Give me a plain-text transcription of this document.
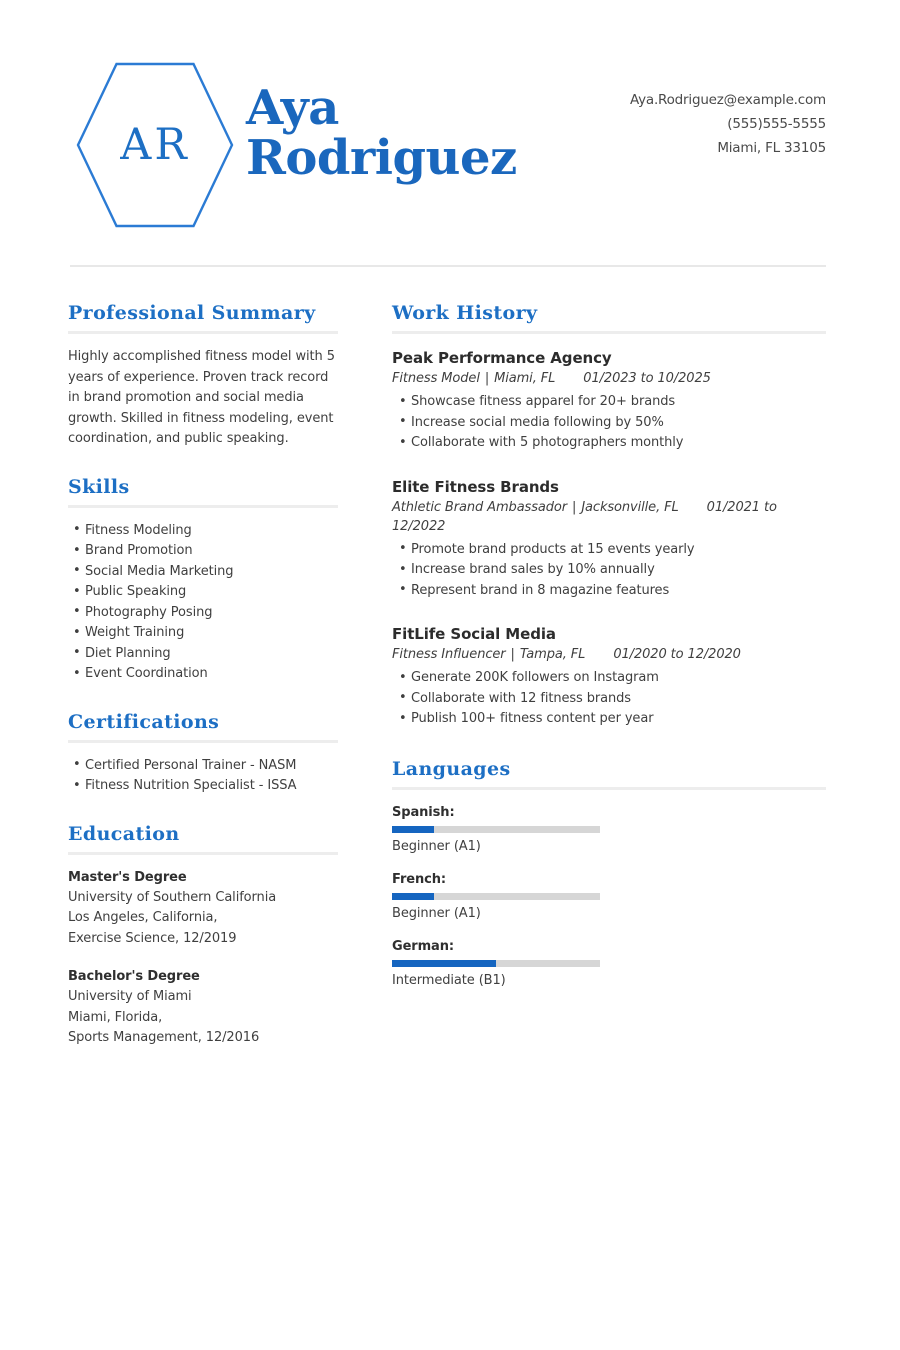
AR
Aya
Rodriguez
Aya.Rodriguez@example.com
(555)555-5555
Miami, FL 33105
Professional Summary
Highly accomplished fitness model with 5 years of experience. Proven track record in brand promotion and social media growth. Skilled in fitness modeling, event coordination, and public speaking.
Skills
• Fitness Modeling
• Brand Promotion
• Social Media Marketing
• Public Speaking
• Photography Posing
• Weight Training
• Diet Planning
• Event Coordination
Certifications
• Certified Personal Trainer - NASM
• Fitness Nutrition Specialist - ISSA
Education
Master's Degree
University of Southern California
Los Angeles, California,
Exercise Science, 12/2019
Bachelor's Degree
University of Miami
Miami, Florida,
Sports Management, 12/2016
Work History
Peak Performance Agency
Fitness Model | Miami, FL 01/2023 to 10/2025
• Showcase fitness apparel for 20+ brands
• Increase social media following by 50%
• Collaborate with 5 photographers monthly
Elite Fitness Brands
Athletic Brand Ambassador | Jacksonville, FL 01/2021 to 12/2022
• Promote brand products at 15 events yearly
• Increase brand sales by 10% annually
• Represent brand in 8 magazine features
FitLife Social Media
Fitness Influencer | Tampa, FL 01/2020 to 12/2020
• Generate 200K followers on Instagram
• Collaborate with 12 fitness brands
• Publish 100+ fitness content per year
Languages
Spanish:
Beginner (A1)
French:
Beginner (A1)
German:
Intermediate (B1)
